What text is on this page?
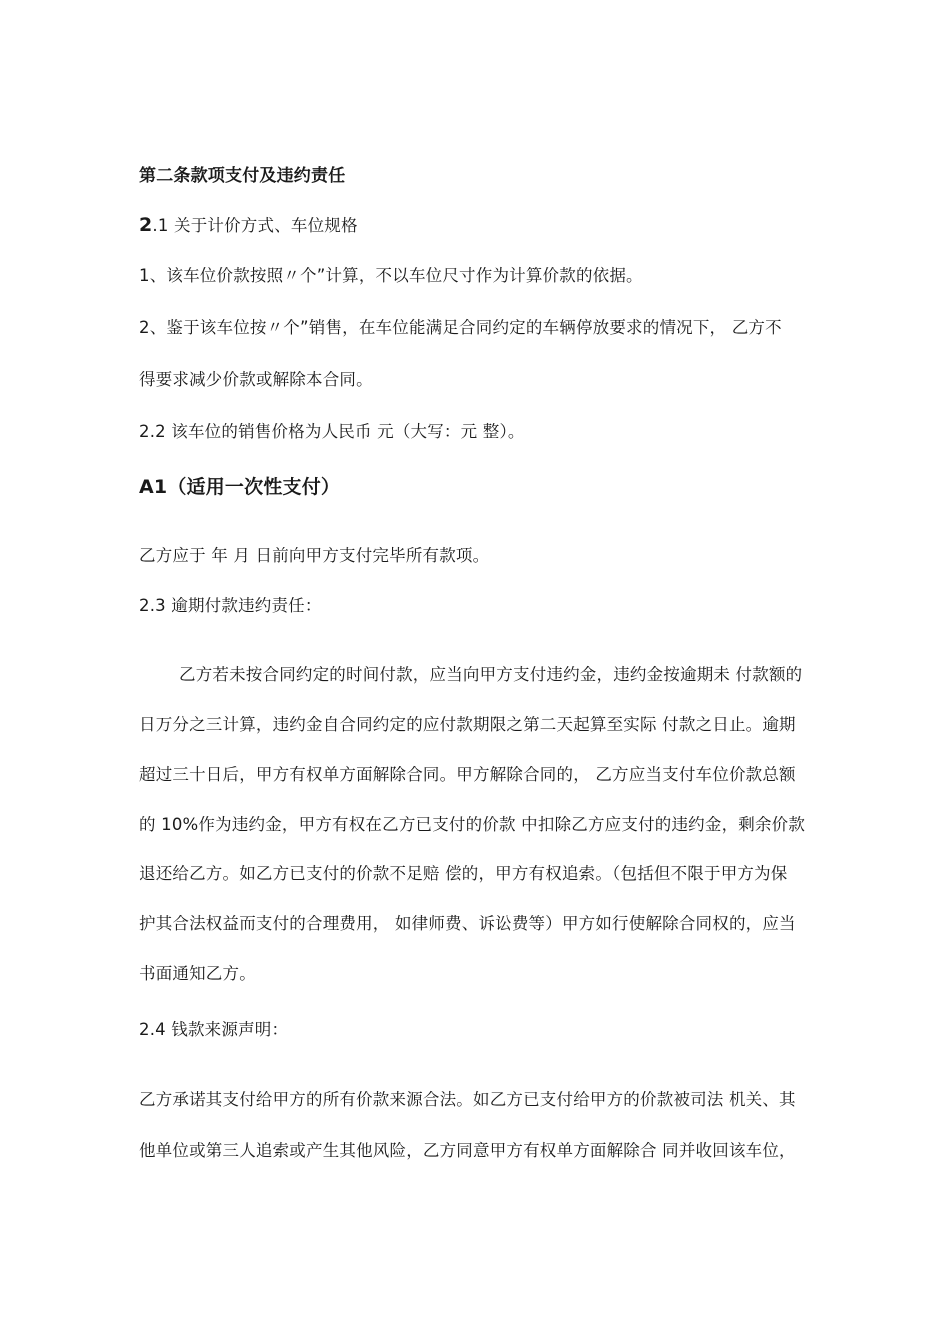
第二条款项支付及违约责任
2.1 关于计价方式、车位规格
1、该车位价款按照〃个”计算，不以车位尺寸作为计算价款的依据。
2、鉴于该车位按〃个”销售，在车位能满足合同约定的车辆停放要求的情况下， 乙方不
得要求减少价款或解除本合同。
2.2 该车位的销售价格为人民币 元（大写：元 整）。
A1（适用一次性支付）
乙方应于 年 月 日前向甲方支付完毕所有款项。
2.3 逾期付款违约责任：
乙方若未按合同约定的时间付款，应当向甲方支付违约金，违约金按逾期未 付款额的
日万分之三计算，违约金自合同约定的应付款期限之第二天起算至实际 付款之日止。逾期
超过三十日后，甲方有权单方面解除合同。甲方解除合同的， 乙方应当支付车位价款总额
的 10%作为违约金，甲方有权在乙方已支付的价款 中扣除乙方应支付的违约金，剩余价款
退还给乙方。如乙方已支付的价款不足赔 偿的，甲方有权追索。（包括但不限于甲方为保
护其合法权益而支付的合理费用， 如律师费、诉讼费等）甲方如行使解除合同权的，应当
书面通知乙方。
2.4 钱款来源声明：
乙方承诺其支付给甲方的所有价款来源合法。如乙方已支付给甲方的价款被司法 机关、其
他单位或第三人追索或产生其他风险，乙方同意甲方有权单方面解除合 同并收回该车位，
